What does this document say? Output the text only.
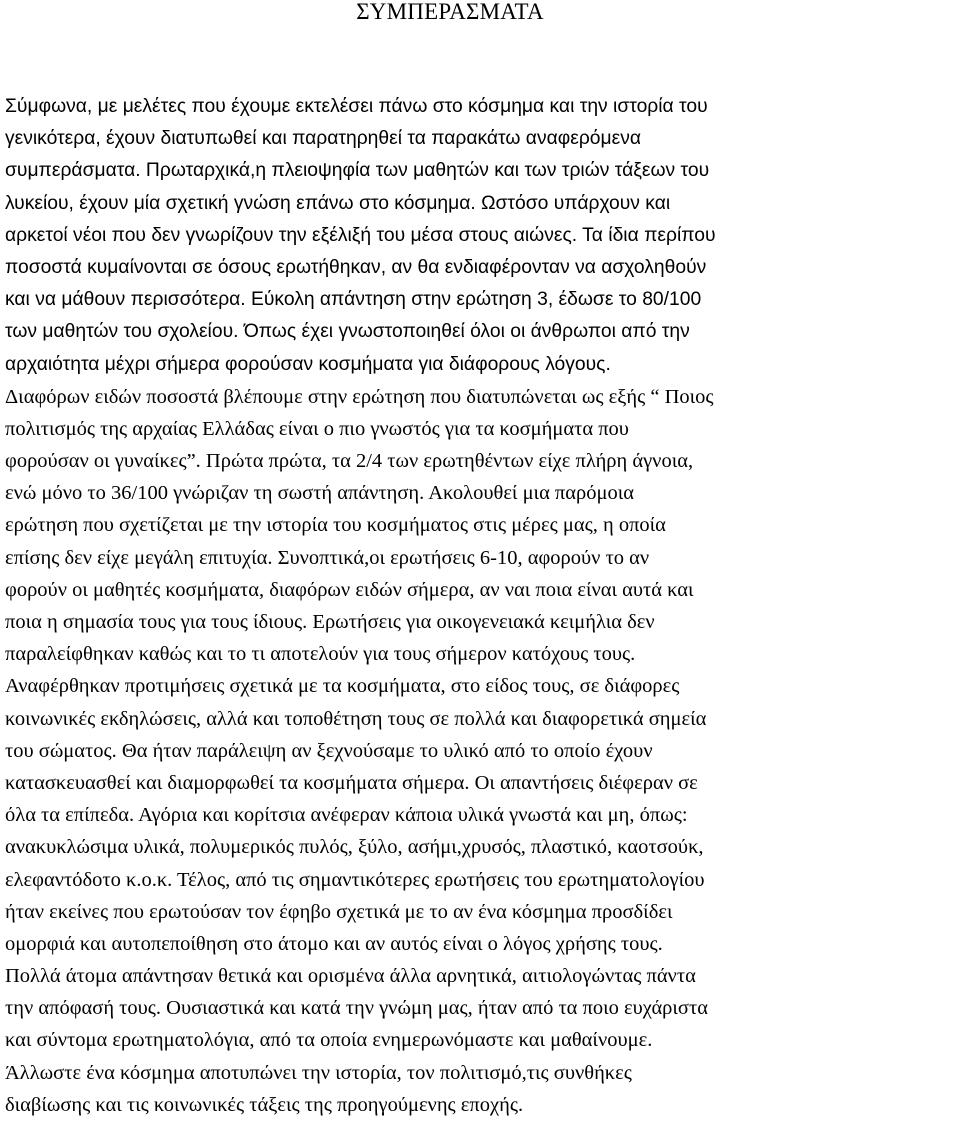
ΣΥΜΠΕΡΑΣΜΑΤΑ
Σύμφωνα, με μελέτες που έχουμε εκτελέσει πάνω στο κόσμημα και την ιστορία του
γενικότερα, έχουν διατυπωθεί και παρατηρηθεί τα παρακάτω αναφερόμενα
συμπεράσματα. Πρωταρχικά,η πλειοψηφία των μαθητών και των τριών τάξεων του
λυκείου, έχουν μία σχετική γνώση επάνω στο κόσμημα. Ωστόσο υπάρχουν και
αρκετοί νέοι που δεν γνωρίζουν την εξέλιξή του μέσα στους αιώνες. Τα ίδια περίπου
ποσοστά κυμαίνονται σε όσους ερωτήθηκαν, αν θα ενδιαφέρονταν να ασχοληθούν
και να μάθουν περισσότερα. Εύκολη απάντηση στην ερώτηση 3, έδωσε το 80/100
των μαθητών του σχολείου. Όπως έχει γνωστοποιηθεί όλοι οι άνθρωποι από την
αρχαιότητα μέχρι σήμερα φορούσαν κοσμήματα για διάφορους λόγους.
Διαφόρων ειδών ποσοστά βλέπουμε στην ερώτηση που διατυπώνεται ως εξής “ Ποιος
πολιτισμός της αρχαίας Ελλάδας είναι ο πιο γνωστός για τα κοσμήματα που
φορούσαν οι γυναίκες”. Πρώτα πρώτα, τα 2/4 των ερωτηθέντων είχε πλήρη άγνοια,
ενώ μόνο το 36/100 γνώριζαν τη σωστή απάντηση. Ακολουθεί μια παρόμοια
ερώτηση που σχετίζεται με την ιστορία του κοσμήματος στις μέρες μας, η οποία
επίσης δεν είχε μεγάλη επιτυχία. Συνοπτικά,οι ερωτήσεις 6-10, αφορούν το αν
φορούν οι μαθητές κοσμήματα, διαφόρων ειδών σήμερα, αν ναι ποια είναι αυτά και
ποια η σημασία τους για τους ίδιους. Ερωτήσεις για οικογενειακά κειμήλια δεν
παραλείφθηκαν καθώς και το τι αποτελούν για τους σήμερον κατόχους τους.
Αναφέρθηκαν προτιμήσεις σχετικά με τα κοσμήματα, στο είδος τους, σε διάφορες
κοινωνικές εκδηλώσεις, αλλά και τοποθέτηση τους σε πολλά και διαφορετικά σημεία
του σώματος. Θα ήταν παράλειψη αν ξεχνούσαμε το υλικό από το οποίο έχουν
κατασκευασθεί και διαμορφωθεί τα κοσμήματα σήμερα. Οι απαντήσεις διέφεραν σε
όλα τα επίπεδα. Αγόρια και κορίτσια ανέφεραν κάποια υλικά γνωστά και μη, όπως:
ανακυκλώσιμα υλικά, πολυμερικός πυλός, ξύλο, ασήμι,χρυσός, πλαστικό, καοτσούκ,
ελεφαντόδοτο κ.ο.κ. Τέλος, από τις σημαντικότερες ερωτήσεις του ερωτηματολογίου
ήταν εκείνες που ερωτούσαν τον έφηβο σχετικά με το αν ένα κόσμημα προσδίδει
ομορφιά και αυτοπεποίθηση στο άτομο και αν αυτός είναι ο λόγος χρήσης τους.
Πολλά άτομα απάντησαν θετικά και ορισμένα άλλα αρνητικά, αιτιολογώντας πάντα
την απόφασή τους. Ουσιαστικά και κατά την γνώμη μας, ήταν από τα ποιο ευχάριστα
και σύντομα ερωτηματολόγια, από τα οποία ενημερωνόμαστε και μαθαίνουμε.
Άλλωστε ένα κόσμημα αποτυπώνει την ιστορία, τον πολιτισμό,τις συνθήκες
διαβίωσης και τις κοινωνικές τάξεις της προηγούμενης εποχής.
